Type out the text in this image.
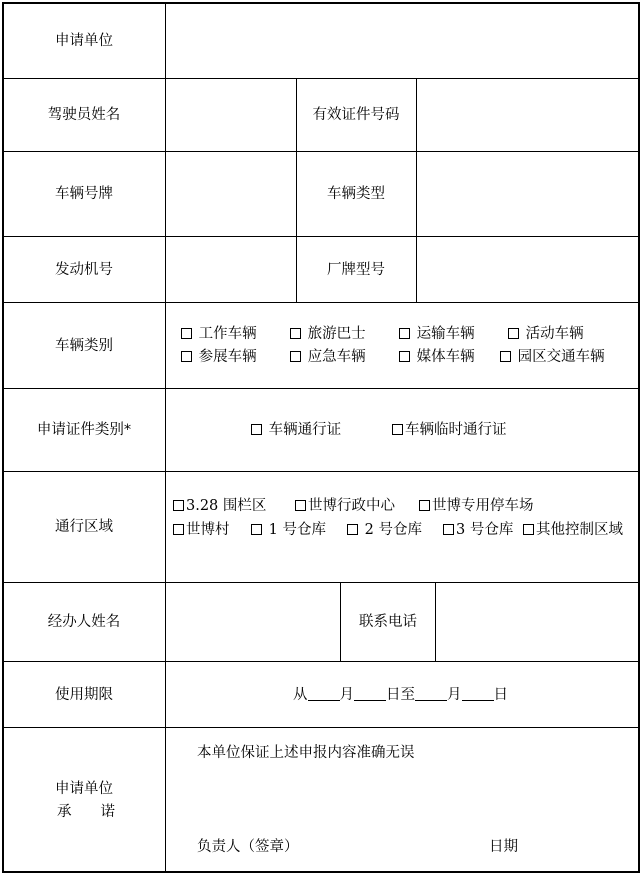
申请单位
驾驶员姓名	有效证件号码
车辆号牌	车辆类型
发动机号	厂牌型号
车辆类别
工作车辆	旅游巴士	运输车辆	活动车辆
参展车辆	应急车辆	媒体车辆	园区交通车辆
申请证件类别*	车辆通行证	车辆临时通行证
通行区域
3.28 围栏区	世博行政中心	世博专用停车场
世博村	1 号仓库	2 号仓库	3 号仓库	其他控制区域
经办人姓名	联系电话
使用期限	从 月 日至 月 日
申请单位
承　　诺
本单位保证上述申报内容准确无误
负责人（签章）	日期
